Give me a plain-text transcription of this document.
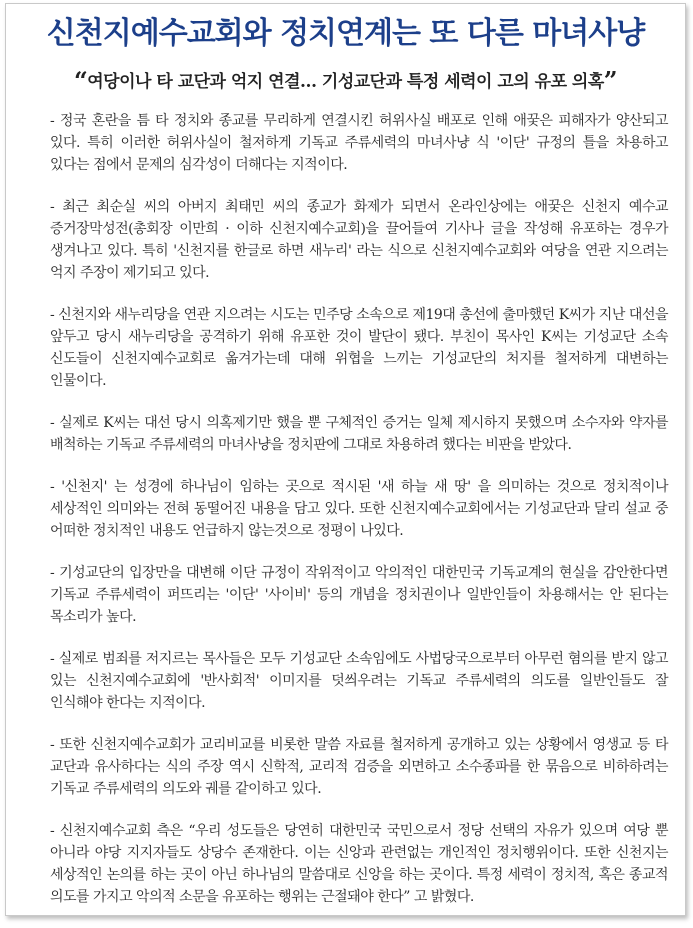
신천지예수교회와 정치연계는 또 다른 마녀사냥
“여당이나 타 교단과 억지 연결… 기성교단과 특정 세력이 고의 유포 의혹”

- 정국 혼란을 틈 타 정치와 종교를 무리하게 연결시킨 허위사실 배포로 인해 애꿎은 피해자가 양산되고 있다. 특히 이러한 허위사실이 철저하게 기독교 주류세력의 마녀사냥 식 '이단' 규정의 틀을 차용하고 있다는 점에서 문제의 심각성이 더해다는 지적이다.

- 최근 최순실 씨의 아버지 최태민 씨의 종교가 화제가 되면서 온라인상에는 애꿎은 신천지 예수교 증거장막성전(총회장 이만희 · 이하 신천지예수교회)을 끌어들여 기사나 글을 작성해 유포하는 경우가 생겨나고 있다. 특히 '신천지를 한글로 하면 새누리' 라는 식으로 신천지예수교회와 여당을 연관 지으려는 억지 주장이 제기되고 있다.

- 신천지와 새누리당을 연관 지으려는 시도는 민주당 소속으로 제19대 총선에 출마했던 K씨가 지난 대선을 앞두고 당시 새누리당을 공격하기 위해 유포한 것이 발단이 됐다. 부친이 목사인 K씨는 기성교단 소속 신도들이 신천지예수교회로 옮겨가는데 대해 위협을 느끼는 기성교단의 처지를 철저하게 대변하는 인물이다.

- 실제로 K씨는 대선 당시 의혹제기만 했을 뿐 구체적인 증거는 일체 제시하지 못했으며 소수자와 약자를 배척하는 기독교 주류세력의 마녀사냥을 정치판에 그대로 차용하려 했다는 비판을 받았다.

- '신천지' 는 성경에 하나님이 임하는 곳으로 적시된 '새 하늘 새 땅' 을 의미하는 것으로 정치적이나 세상적인 의미와는 전혀 동떨어진 내용을 담고 있다. 또한 신천지예수교회에서는 기성교단과 달리 설교 중 어떠한 정치적인 내용도 언급하지 않는것으로 정평이 나있다.

- 기성교단의 입장만을 대변해 이단 규정이 작위적이고 악의적인 대한민국 기독교계의 현실을 감안한다면 기독교 주류세력이 퍼뜨리는 '이단' '사이비' 등의 개념을 정치권이나 일반인들이 차용해서는 안 된다는 목소리가 높다.

- 실제로 범죄를 저지르는 목사들은 모두 기성교단 소속임에도 사법당국으로부터 아무런 혐의를 받지 않고 있는 신천지예수교회에 '반사회적' 이미지를 덧씌우려는 기독교 주류세력의 의도를 일반인들도 잘 인식해야 한다는 지적이다.

- 또한 신천지예수교회가 교리비교를 비롯한 말씀 자료를 철저하게 공개하고 있는 상황에서 영생교 등 타 교단과 유사하다는 식의 주장 역시 신학적, 교리적 검증을 외면하고 소수종파를 한 묶음으로 비하하려는 기독교 주류세력의 의도와 궤를 같이하고 있다.

- 신천지예수교회 측은 “우리 성도들은 당연히 대한민국 국민으로서 정당 선택의 자유가 있으며 여당 뿐 아니라 야당 지지자들도 상당수 존재한다. 이는 신앙과 관련없는 개인적인 정치행위이다. 또한 신천지는 세상적인 논의를 하는 곳이 아닌 하나님의 말씀대로 신앙을 하는 곳이다. 특정 세력이 정치적, 혹은 종교적 의도를 가지고 악의적 소문을 유포하는 행위는 근절돼야 한다” 고 밝혔다.
